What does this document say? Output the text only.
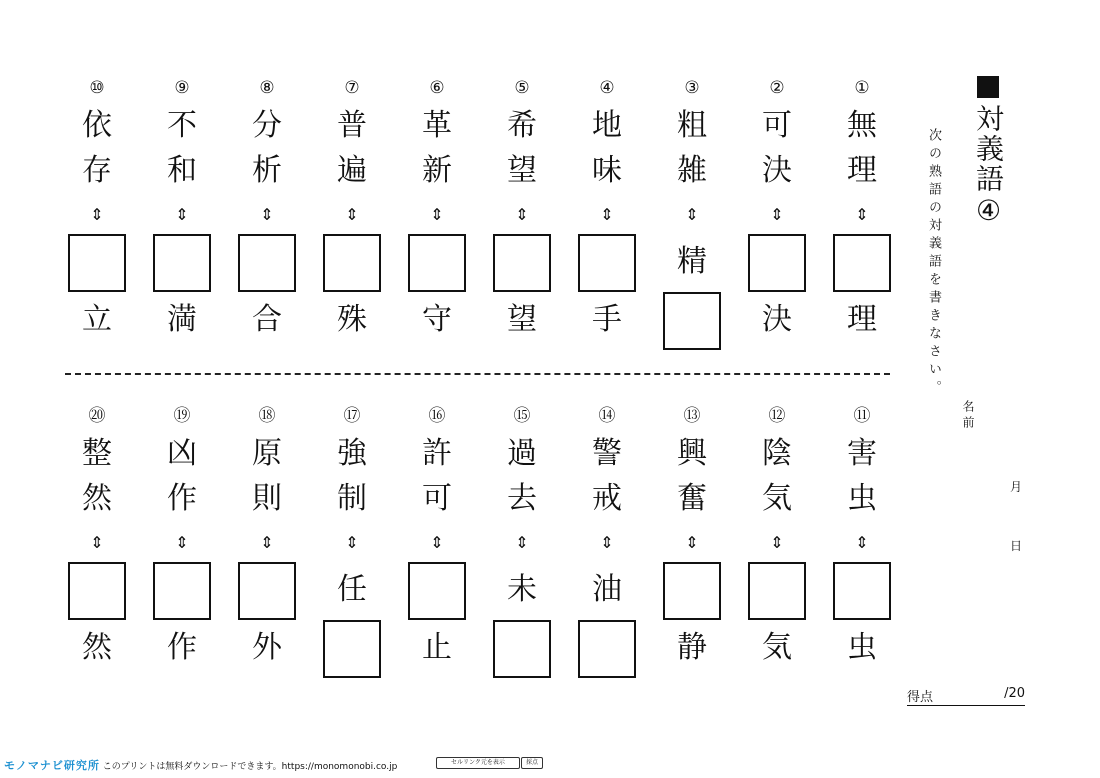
①
無
理
⇕
理
②
可
決
⇕
決
③
粗
雑
⇕
精
④
地
味
⇕
手
⑤
希
望
⇕
望
⑥
革
新
⇕
守
⑦
普
遍
⇕
殊
⑧
分
析
⇕
合
⑨
不
和
⇕
満
⑩
依
存
⇕
立
⑪
害
虫
⇕
虫
⑫
陰
気
⇕
気
⑬
興
奮
⇕
静
⑭
警
戒
⇕
油
⑮
過
去
⇕
未
⑯
許
可
⇕
止
⑰
強
制
⇕
任
⑱
原
則
⇕
外
⑲
凶
作
⇕
作
⑳
整
然
⇕
然
対義語④
次の熟語の対義語を書きなさい。
名前
月
日
得点	/20
モノマナビ研究所 このプリントは無料ダウンロードできます。https://monomonobi.co.jp	セルリンク元を表示	採点
